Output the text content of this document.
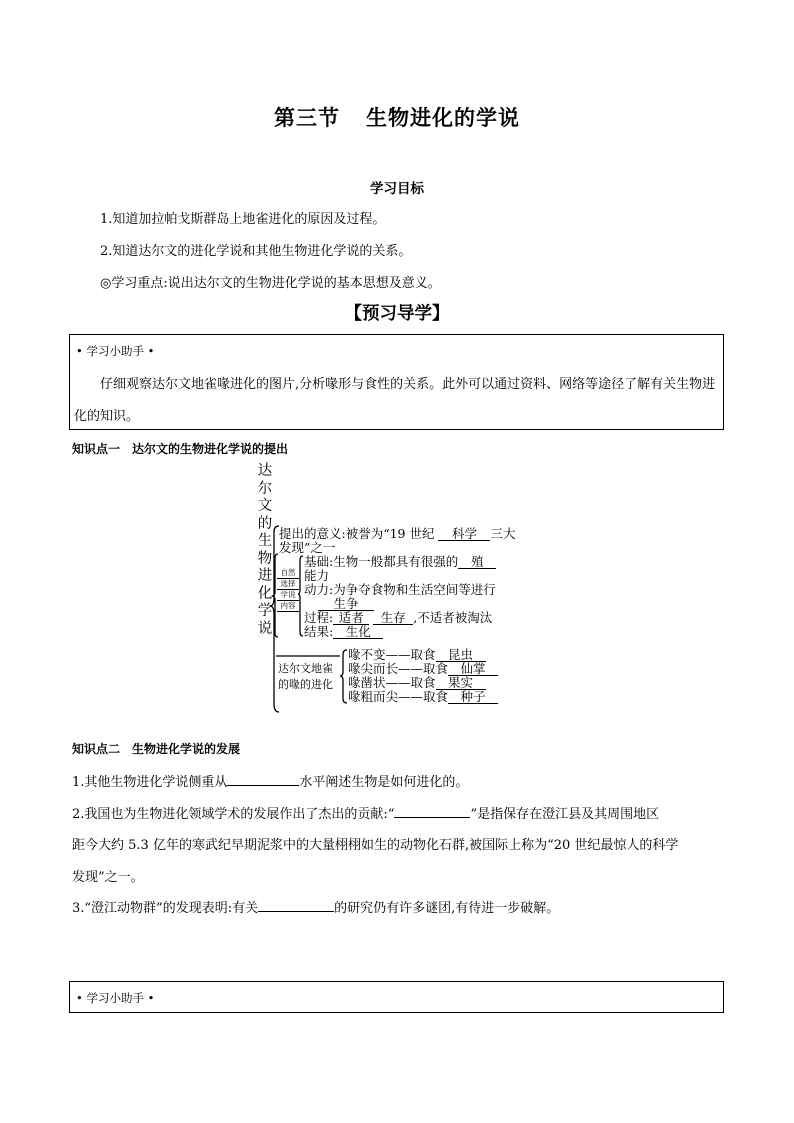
第三节 生物进化的学说
学习目标
1.知道加拉帕戈斯群岛上地雀进化的原因及过程。
2.知道达尔文的进化学说和其他生物进化学说的关系。
◎学习重点:说出达尔文的生物进化学说的基本思想及意义。
【预习导学】
• 学习小助手 •
仔细观察达尔文地雀喙进化的图片,分析喙形与食性的关系。此外可以通过资料、网络等途径了解有关生物进化的知识。
知识点一　达尔文的生物进化学说的提出
达尔文的生物进化学说
提出的意义:被誉为“19 世纪 科学 三大
发现”之一
自然
选择
学说
内容
基础:生物一般都具有很强的 殖
能力
动力:为争夺食物和生活空间等进行
生争
过程: 适者 生存 ,不适者被淘汰
结果: 生化
达尔文地雀
的喙的进化
喙不变——取食 昆虫
喙尖而长——取食 仙掌
喙凿状——取食 果实
喙粗而尖——取食 种子
知识点二　生物进化学说的发展
1.其他生物进化学说侧重从	水平阐述生物是如何进化的。
2.我国也为生物进化领域学术的发展作出了杰出的贡献:“	”是指保存在澄江县及其周围地区
距今大约 5.3 亿年的寒武纪早期泥浆中的大量栩栩如生的动物化石群,被国际上称为“20 世纪最惊人的科学
发现”之一。
3.“澄江动物群”的发现表明:有关	的研究仍有许多谜团,有待进一步破解。
• 学习小助手 •
